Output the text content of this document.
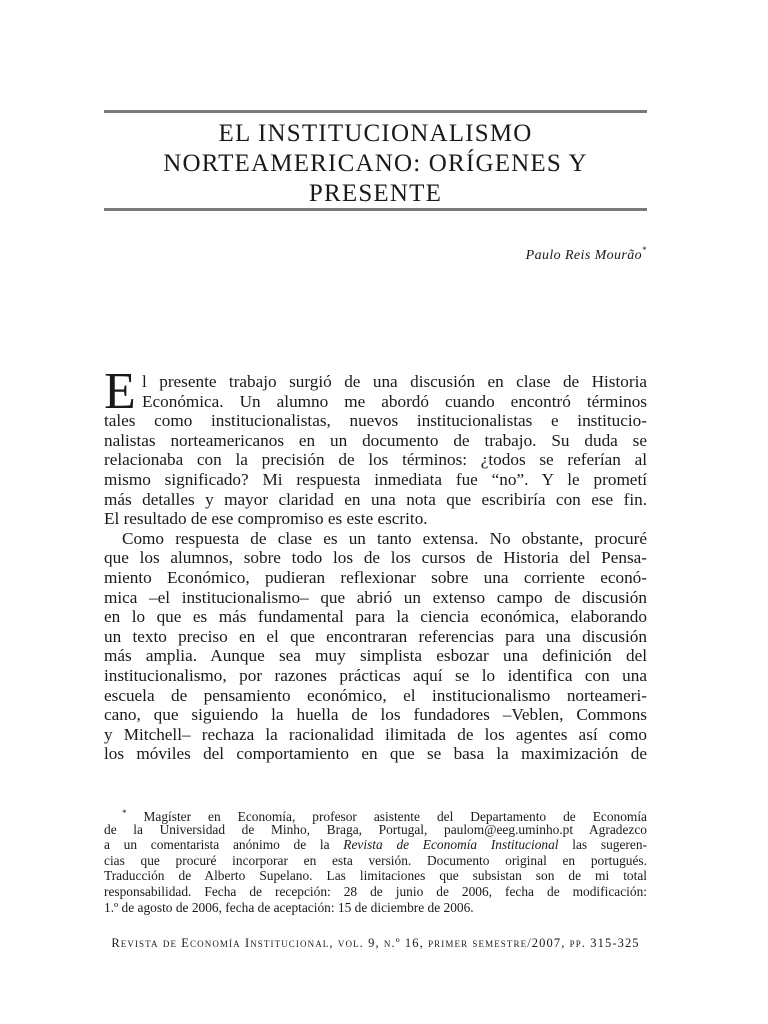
EL INSTITUCIONALISMO
NORTEAMERICANO: ORÍGENES Y
PRESENTE
Paulo Reis Mourão*
E l presente trabajo surgió de una discusión en clase de Historia
Económica. Un alumno me abordó cuando encontró términos
tales como institucionalistas, nuevos institucionalistas e institucio-
nalistas norteamericanos en un documento de trabajo. Su duda se
relacionaba con la precisión de los términos: ¿todos se referían al
mismo significado? Mi respuesta inmediata fue “no”. Y le prometí
más detalles y mayor claridad en una nota que escribiría con ese fin.
El resultado de ese compromiso es este escrito.
Como respuesta de clase es un tanto extensa. No obstante, procuré
que los alumnos, sobre todo los de los cursos de Historia del Pensa-
miento Económico, pudieran reflexionar sobre una corriente econó-
mica –el institucionalismo– que abrió un extenso campo de discusión
en lo que es más fundamental para la ciencia económica, elaborando
un texto preciso en el que encontraran referencias para una discusión
más amplia. Aunque sea muy simplista esbozar una definición del
institucionalismo, por razones prácticas aquí se lo identifica con una
escuela de pensamiento económico, el institucionalismo norteameri-
cano, que siguiendo la huella de los fundadores –Veblen, Commons
y Mitchell– rechaza la racionalidad ilimitada de los agentes así como
los móviles del comportamiento en que se basa la maximización de
* Magíster en Economía, profesor asistente del Departamento de Economía
de la Universidad de Minho, Braga, Portugal, paulom@eeg.uminho.pt Agradezco
a un comentarista anónimo de la Revista de Economía Institucional las sugeren-
cias que procuré incorporar en esta versión. Documento original en portugués.
Traducción de Alberto Supelano. Las limitaciones que subsistan son de mi total
responsabilidad. Fecha de recepción: 28 de junio de 2006, fecha de modificación:
1.º de agosto de 2006, fecha de aceptación: 15 de diciembre de 2006.
Revista de Economía Institucional, vol. 9, n.º 16, primer semestre/2007, pp. 315-325
